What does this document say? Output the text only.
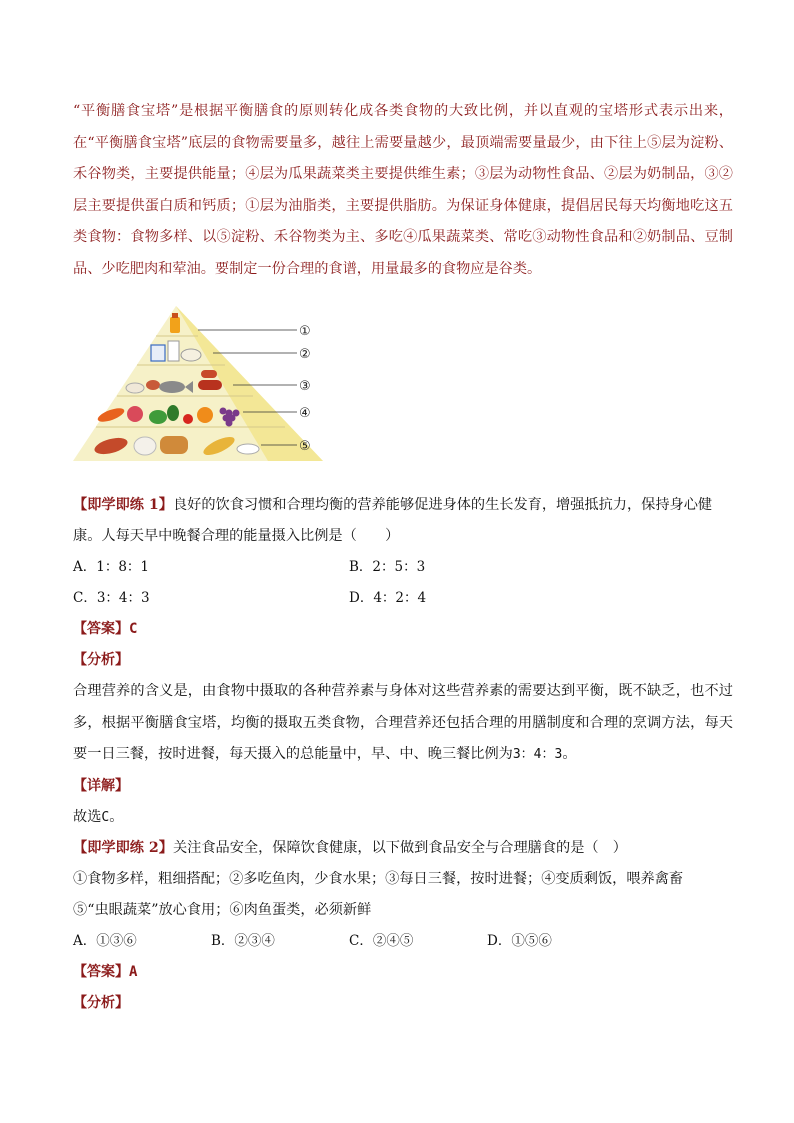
“平衡膳食宝塔”是根据平衡膳食的原则转化成各类食物的大致比例，并以直观的宝塔形式表示出来，在“平衡膳食宝塔”底层的食物需要量多，越往上需要量越少，最顶端需要量最少，由下往上⑤层为淀粉、禾谷物类，主要提供能量；④层为瓜果蔬菜类主要提供维生素；③层为动物性食品、②层为奶制品，③②层主要提供蛋白质和钙质；①层为油脂类，主要提供脂肪。为保证身体健康，提倡居民每天均衡地吃这五类食物：食物多样、以⑤淀粉、禾谷物类为主、多吃④瓜果蔬菜类、常吃③动物性食品和②奶制品、豆制品、少吃肥肉和荤油。要制定一份合理的食谱，用量最多的食物应是谷类。

①
②
③
④
⑤

【即学即练 1】良好的饮食习惯和合理均衡的营养能够促进身体的生长发育，增强抵抗力，保持身心健康。人每天早中晚餐合理的能量摄入比例是（　　）

A．1：8：1	B．2：5：3
C．3：4：3	D．4：2：4

【答案】C

【分析】

合理营养的含义是，由食物中摄取的各种营养素与身体对这些营养素的需要达到平衡，既不缺乏，也不过多，根据平衡膳食宝塔，均衡的摄取五类食物，合理营养还包括合理的用膳制度和合理的烹调方法，每天要一日三餐，按时进餐，每天摄入的总能量中，早、中、晚三餐比例为3：4：3。

【详解】

故选C。

【即学即练 2】关注食品安全，保障饮食健康，以下做到食品安全与合理膳食的是（　）

①食物多样，粗细搭配；②多吃鱼肉，少食水果；③每日三餐，按时进餐；④变质剩饭，喂养禽畜

⑤“虫眼蔬菜”放心食用；⑥肉鱼蛋类，必须新鲜

A．①③⑥	B．②③④	C．②④⑤	D．①⑤⑥

【答案】A

【分析】
